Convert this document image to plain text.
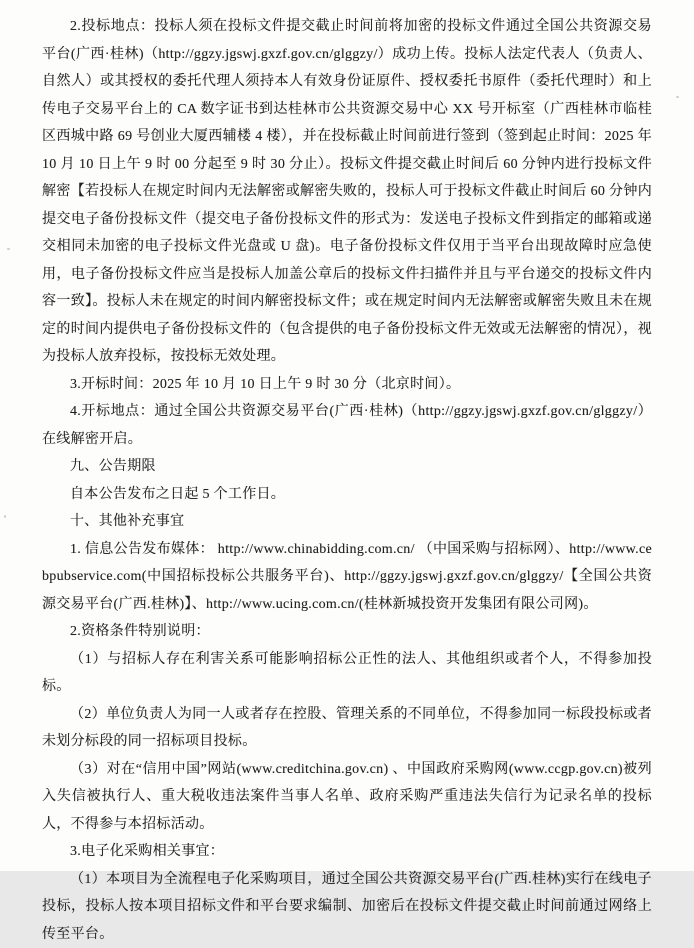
2.投标地点：投标人须在投标文件提交截止时间前将加密的投标文件通过全国公共资源交易平台(广西·桂林)（http://ggzy.jgswj.gxzf.gov.cn/glggzy/）成功上传。投标人法定代表人（负责人、自然人）或其授权的委托代理人须持本人有效身份证原件、授权委托书原件（委托代理时）和上传电子交易平台上的 CA 数字证书到达桂林市公共资源交易中心 XX 号开标室（广西桂林市临桂区西城中路 69 号创业大厦西辅楼 4 楼），并在投标截止时间前进行签到（签到起止时间：2025 年 10 月 10 日上午 9 时 00 分起至 9 时 30 分止）。投标文件提交截止时间后 60 分钟内进行投标文件解密【若投标人在规定时间内无法解密或解密失败的，投标人可于投标文件截止时间后 60 分钟内提交电子备份投标文件（提交电子备份投标文件的形式为：发送电子投标文件到指定的邮箱或递交相同未加密的电子投标文件光盘或 U 盘)。电子备份投标文件仅用于当平台出现故障时应急使用，电子备份投标文件应当是投标人加盖公章后的投标文件扫描件并且与平台递交的投标文件内容一致】。投标人未在规定的时间内解密投标文件；或在规定时间内无法解密或解密失败且未在规定的时间内提供电子备份投标文件的（包含提供的电子备份投标文件无效或无法解密的情况），视为投标人放弃投标，按投标无效处理。

3.开标时间：2025 年 10 月 10 日上午 9 时 30 分（北京时间）。

4.开标地点：通过全国公共资源交易平台(广西·桂林)（http://ggzy.jgswj.gxzf.gov.cn/glggzy/）在线解密开启。

九、公告期限

自本公告发布之日起 5 个工作日。

十、其他补充事宜

1. 信息公告发布媒体： http://www.chinabidding.com.cn/ （中国采购与招标网）、http://www.cebpubservice.com(中国招标投标公共服务平台)、http://ggzy.jgswj.gxzf.gov.cn/glggzy/【全国公共资源交易平台(广西.桂林)】、http://www.ucing.com.cn/(桂林新城投资开发集团有限公司网)。

2.资格条件特别说明：

（1）与招标人存在利害关系可能影响招标公正性的法人、其他组织或者个人，不得参加投标。

（2）单位负责人为同一人或者存在控股、管理关系的不同单位，不得参加同一标段投标或者未划分标段的同一招标项目投标。

（3）对在“信用中国”网站(www.creditchina.gov.cn) 、中国政府采购网(www.ccgp.gov.cn)被列入失信被执行人、重大税收违法案件当事人名单、政府采购严重违法失信行为记录名单的投标人，不得参与本招标活动。

3.电子化采购相关事宜：

（1）本项目为全流程电子化采购项目，通过全国公共资源交易平台(广西.桂林)实行在线电子投标，投标人按本项目招标文件和平台要求编制、加密后在投标文件提交截止时间前通过网络上传至平台。
